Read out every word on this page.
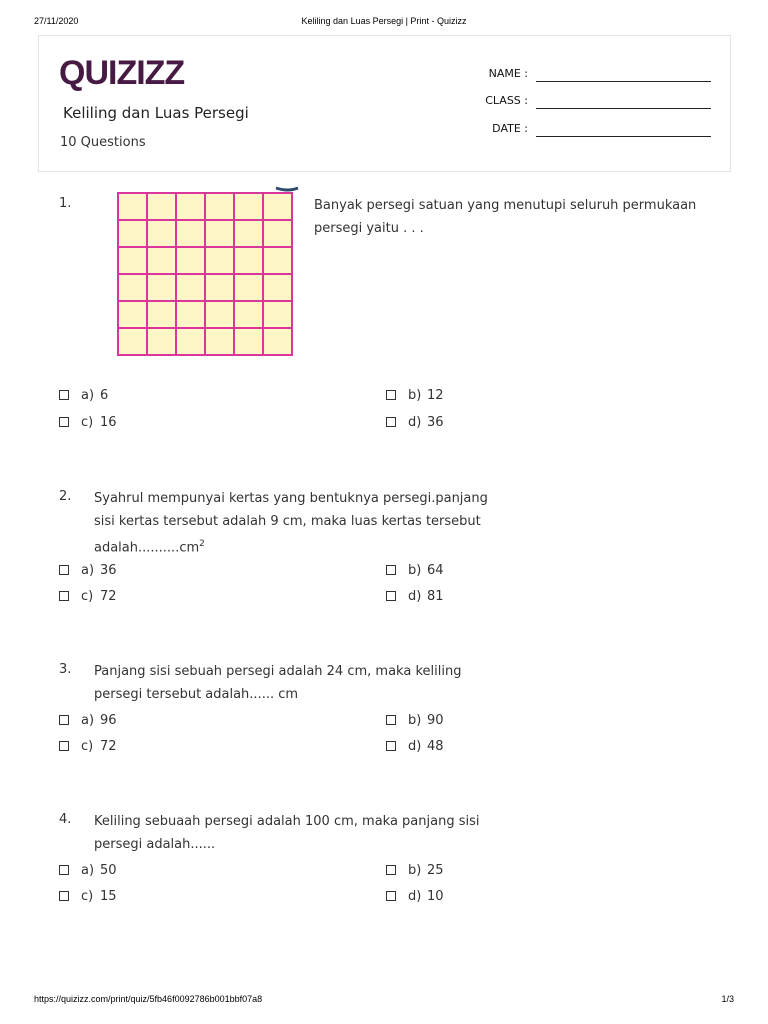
27/11/2020	Keliling dan Luas Persegi | Print - Quizizz
QUIZIZZ
Keliling dan Luas Persegi
10 Questions
NAME :
CLASS :
DATE :
1.	Banyak persegi satuan yang menutupi seluruh permukaan persegi yaitu . . .
a) 6	b) 12
c) 16	d) 36
2. Syahrul mempunyai kertas yang bentuknya persegi.panjang
sisi kertas tersebut adalah 9 cm, maka luas kertas tersebut
$adalah..........cm^2$
a) 36	b) 64
c) 72	d) 81
3. Panjang sisi sebuah persegi adalah 24 cm, maka keliling
persegi tersebut adalah...... cm
a) 96	b) 90
c) 72	d) 48
4. Keliling sebuaah persegi adalah 100 cm, maka panjang sisi
persegi adalah......
a) 50	b) 25
c) 15	d) 10
https://quizizz.com/print/quiz/5fb46f0092786b001bbf07a8	1/3
